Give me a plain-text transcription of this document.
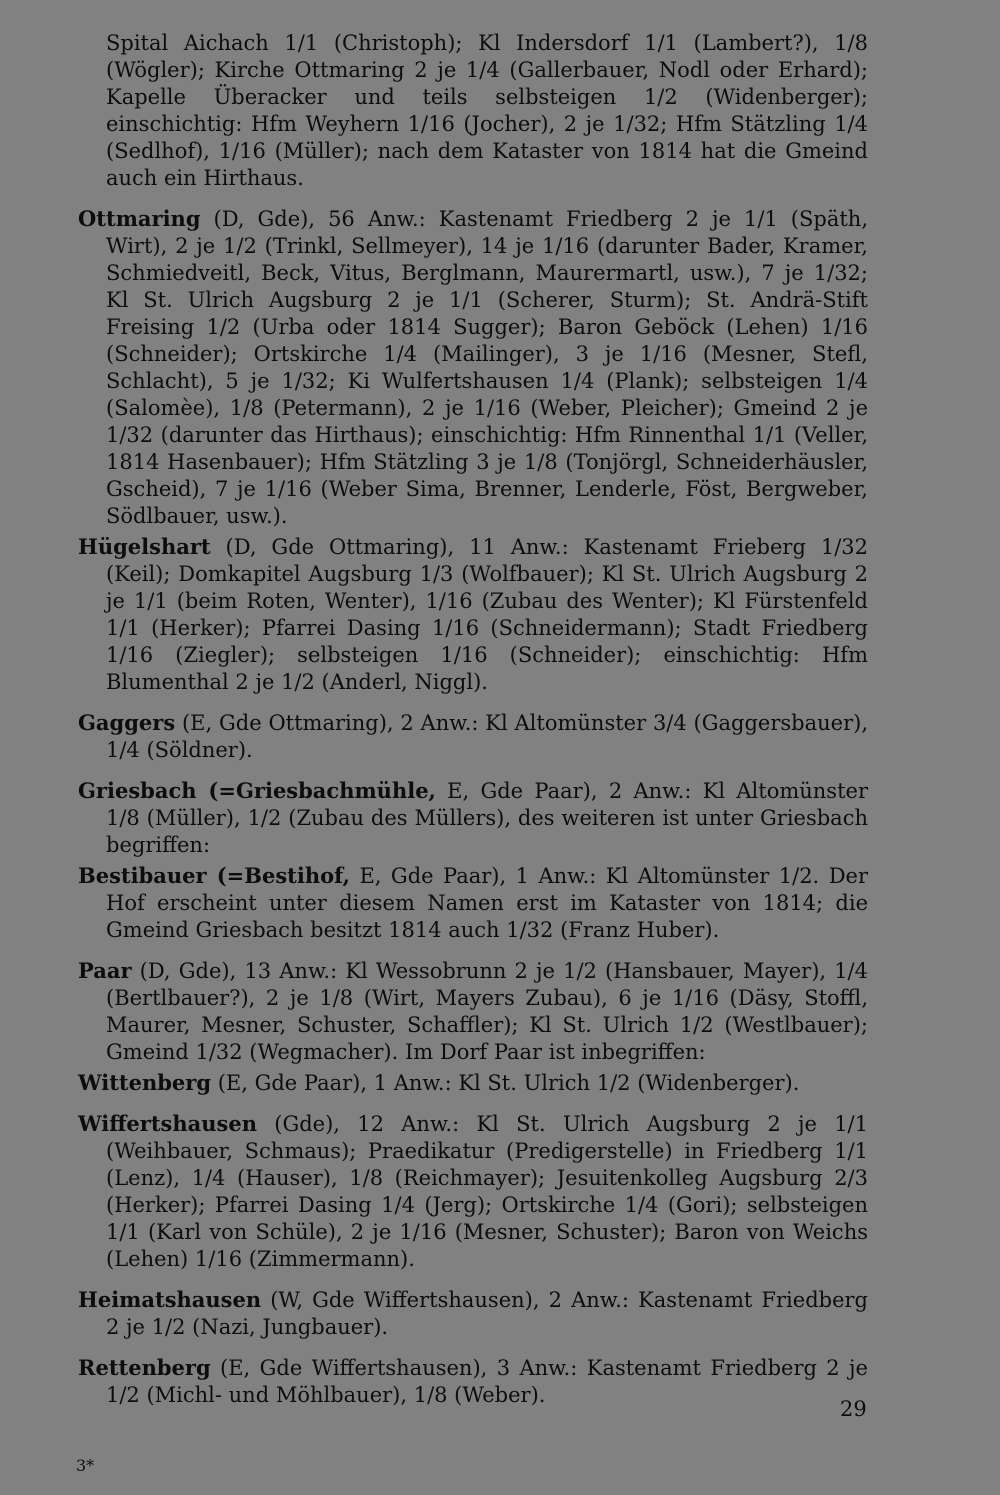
Spital Aichach 1/1 (Christoph); Kl Indersdorf 1/1 (Lambert?), 1/8 (Wögler); Kirche Ottmaring 2 je 1/4 (Gallerbauer, Nodl oder Erhard); Kapelle Überacker und teils selbsteigen 1/2 (Widenberger); einschichtig: Hfm Weyhern 1/16 (Jocher), 2 je 1/32; Hfm Stätzling 1/4 (Sedlhof), 1/16 (Müller); nach dem Kataster von 1814 hat die Gmeind auch ein Hirthaus.

Ottmaring (D, Gde), 56 Anw.: Kastenamt Friedberg 2 je 1/1 (Späth, Wirt), 2 je 1/2 (Trinkl, Sellmeyer), 14 je 1/16 (darunter Bader, Kramer, Schmiedveitl, Beck, Vitus, Berglmann, Maurermartl, usw.), 7 je 1/32; Kl St. Ulrich Augsburg 2 je 1/1 (Scherer, Sturm); St. Andrä-Stift Freising 1/2 (Urba oder 1814 Sugger); Baron Geböck (Lehen) 1/16 (Schneider); Ortskirche 1/4 (Mailinger), 3 je 1/16 (Mesner, Stefl, Schlacht), 5 je 1/32; Ki Wulfertshausen 1/4 (Plank); selbsteigen 1/4 (Salomèe), 1/8 (Petermann), 2 je 1/16 (Weber, Pleicher); Gmeind 2 je 1/32 (darunter das Hirthaus); einschichtig: Hfm Rinnenthal 1/1 (Veller, 1814 Hasenbauer); Hfm Stätzling 3 je 1/8 (Tonjörgl, Schneiderhäusler, Gscheid), 7 je 1/16 (Weber Sima, Brenner, Lenderle, Föst, Bergweber, Södlbauer, usw.).

Hügelshart (D, Gde Ottmaring), 11 Anw.: Kastenamt Frieberg 1/32 (Keil); Domkapitel Augsburg 1/3 (Wolfbauer); Kl St. Ulrich Augsburg 2 je 1/1 (beim Roten, Wenter), 1/16 (Zubau des Wenter); Kl Fürstenfeld 1/1 (Herker); Pfarrei Dasing 1/16 (Schneidermann); Stadt Friedberg 1/16 (Ziegler); selbsteigen 1/16 (Schneider); einschichtig: Hfm Blumenthal 2 je 1/2 (Anderl, Niggl).

Gaggers (E, Gde Ottmaring), 2 Anw.: Kl Altomünster 3/4 (Gaggersbauer), 1/4 (Söldner).

Griesbach (=Griesbachmühle, E, Gde Paar), 2 Anw.: Kl Altomünster 1/8 (Müller), 1/2 (Zubau des Müllers), des weiteren ist unter Griesbach begriffen:

Bestibauer (=Bestihof, E, Gde Paar), 1 Anw.: Kl Altomünster 1/2. Der Hof erscheint unter diesem Namen erst im Kataster von 1814; die Gmeind Griesbach besitzt 1814 auch 1/32 (Franz Huber).

Paar (D, Gde), 13 Anw.: Kl Wessobrunn 2 je 1/2 (Hansbauer, Mayer), 1/4 (Bertlbauer?), 2 je 1/8 (Wirt, Mayers Zubau), 6 je 1/16 (Däsy, Stoffl, Maurer, Mesner, Schuster, Schaffler); Kl St. Ulrich 1/2 (Westlbauer); Gmeind 1/32 (Wegmacher). Im Dorf Paar ist inbegriffen:

Wittenberg (E, Gde Paar), 1 Anw.: Kl St. Ulrich 1/2 (Widenberger).

Wiffertshausen (Gde), 12 Anw.: Kl St. Ulrich Augsburg 2 je 1/1 (Weihbauer, Schmaus); Praedikatur (Predigerstelle) in Friedberg 1/1 (Lenz), 1/4 (Hauser), 1/8 (Reichmayer); Jesuitenkolleg Augsburg 2/3 (Herker); Pfarrei Dasing 1/4 (Jerg); Ortskirche 1/4 (Gori); selbsteigen 1/1 (Karl von Schüle), 2 je 1/16 (Mesner, Schuster); Baron von Weichs (Lehen) 1/16 (Zimmermann).

Heimatshausen (W, Gde Wiffertshausen), 2 Anw.: Kastenamt Friedberg 2 je 1/2 (Nazi, Jungbauer).

Rettenberg (E, Gde Wiffertshausen), 3 Anw.: Kastenamt Friedberg 2 je 1/2 (Michl- und Möhlbauer), 1/8 (Weber).

29
3*
